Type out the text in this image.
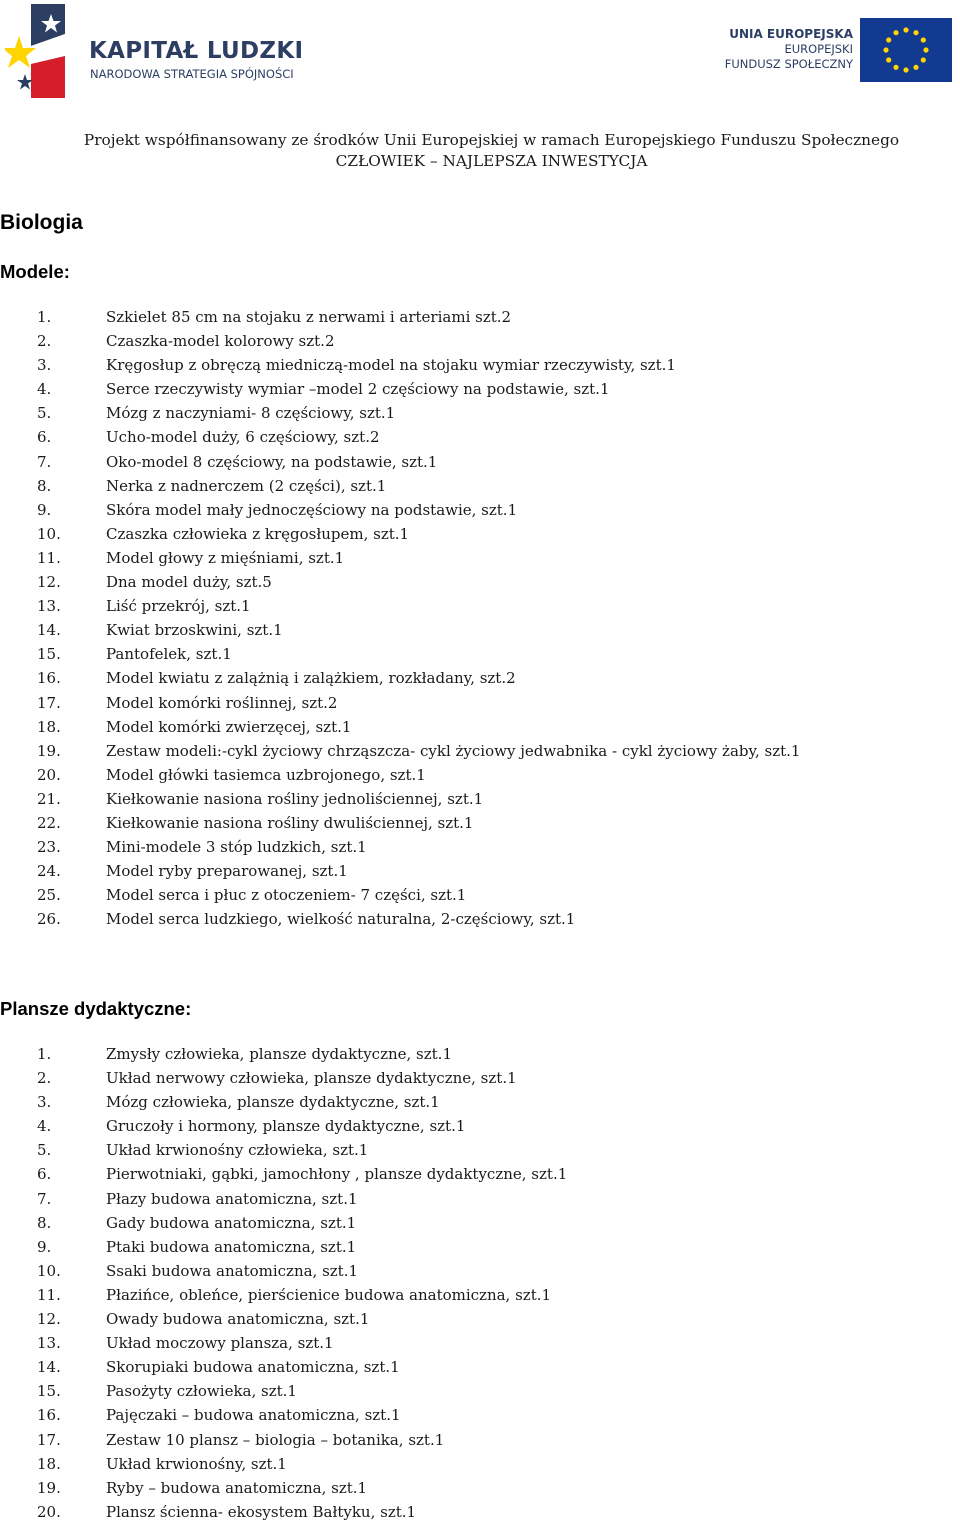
KAPITAŁ LUDZKI
NARODOWA STRATEGIA SPÓJNOŚCI
UNIA EUROPEJSKA
EUROPEJSKI
FUNDUSZ SPOŁECZNY
Projekt współfinansowany ze środków Unii Europejskiej w ramach Europejskiego Funduszu Społecznego
CZŁOWIEK – NAJLEPSZA INWESTYCJA
Biologia
Modele:
1.	Szkielet 85 cm na stojaku z nerwami i arteriami szt.2
2.	Czaszka-model kolorowy szt.2
3.	Kręgosłup z obręczą miedniczą-model na stojaku wymiar rzeczywisty, szt.1
4.	Serce rzeczywisty wymiar –model 2 częściowy na podstawie, szt.1
5.	Mózg z naczyniami- 8 częściowy, szt.1
6.	Ucho-model duży, 6 częściowy, szt.2
7.	Oko-model 8 częściowy, na podstawie, szt.1
8.	Nerka z nadnerczem (2 części), szt.1
9.	Skóra model mały jednoczęściowy na podstawie, szt.1
10.	Czaszka człowieka z kręgosłupem, szt.1
11.	Model głowy z mięśniami, szt.1
12.	Dna model duży, szt.5
13.	Liść przekrój, szt.1
14.	Kwiat brzoskwini, szt.1
15.	Pantofelek, szt.1
16.	Model kwiatu z zalążnią i zalążkiem, rozkładany, szt.2
17.	Model komórki roślinnej, szt.2
18.	Model komórki zwierzęcej, szt.1
19.	Zestaw modeli:-cykl życiowy chrząszcza- cykl życiowy jedwabnika - cykl życiowy żaby, szt.1
20.	Model główki tasiemca uzbrojonego, szt.1
21.	Kiełkowanie nasiona rośliny jednoliściennej, szt.1
22.	Kiełkowanie nasiona rośliny dwuliściennej, szt.1
23.	Mini-modele 3 stóp ludzkich, szt.1
24.	Model ryby preparowanej, szt.1
25.	Model serca i płuc z otoczeniem- 7 części, szt.1
26.	Model serca ludzkiego, wielkość naturalna, 2-częściowy, szt.1
Plansze dydaktyczne:
1.	Zmysły człowieka, plansze dydaktyczne, szt.1
2.	Układ nerwowy człowieka, plansze dydaktyczne, szt.1
3.	Mózg człowieka, plansze dydaktyczne, szt.1
4.	Gruczoły i hormony, plansze dydaktyczne, szt.1
5.	Układ krwionośny człowieka, szt.1
6.	Pierwotniaki, gąbki, jamochłony , plansze dydaktyczne, szt.1
7.	Płazy budowa anatomiczna, szt.1
8.	Gady budowa anatomiczna, szt.1
9.	Ptaki budowa anatomiczna, szt.1
10.	Ssaki budowa anatomiczna, szt.1
11.	Płazińce, obleńce, pierścienice budowa anatomiczna, szt.1
12.	Owady budowa anatomiczna, szt.1
13.	Układ moczowy plansza, szt.1
14.	Skorupiaki budowa anatomiczna, szt.1
15.	Pasożyty człowieka, szt.1
16.	Pajęczaki – budowa anatomiczna, szt.1
17.	Zestaw 10 plansz – biologia – botanika, szt.1
18.	Układ krwionośny, szt.1
19.	Ryby – budowa anatomiczna, szt.1
20.	Plansz ścienna- ekosystem Bałtyku, szt.1
